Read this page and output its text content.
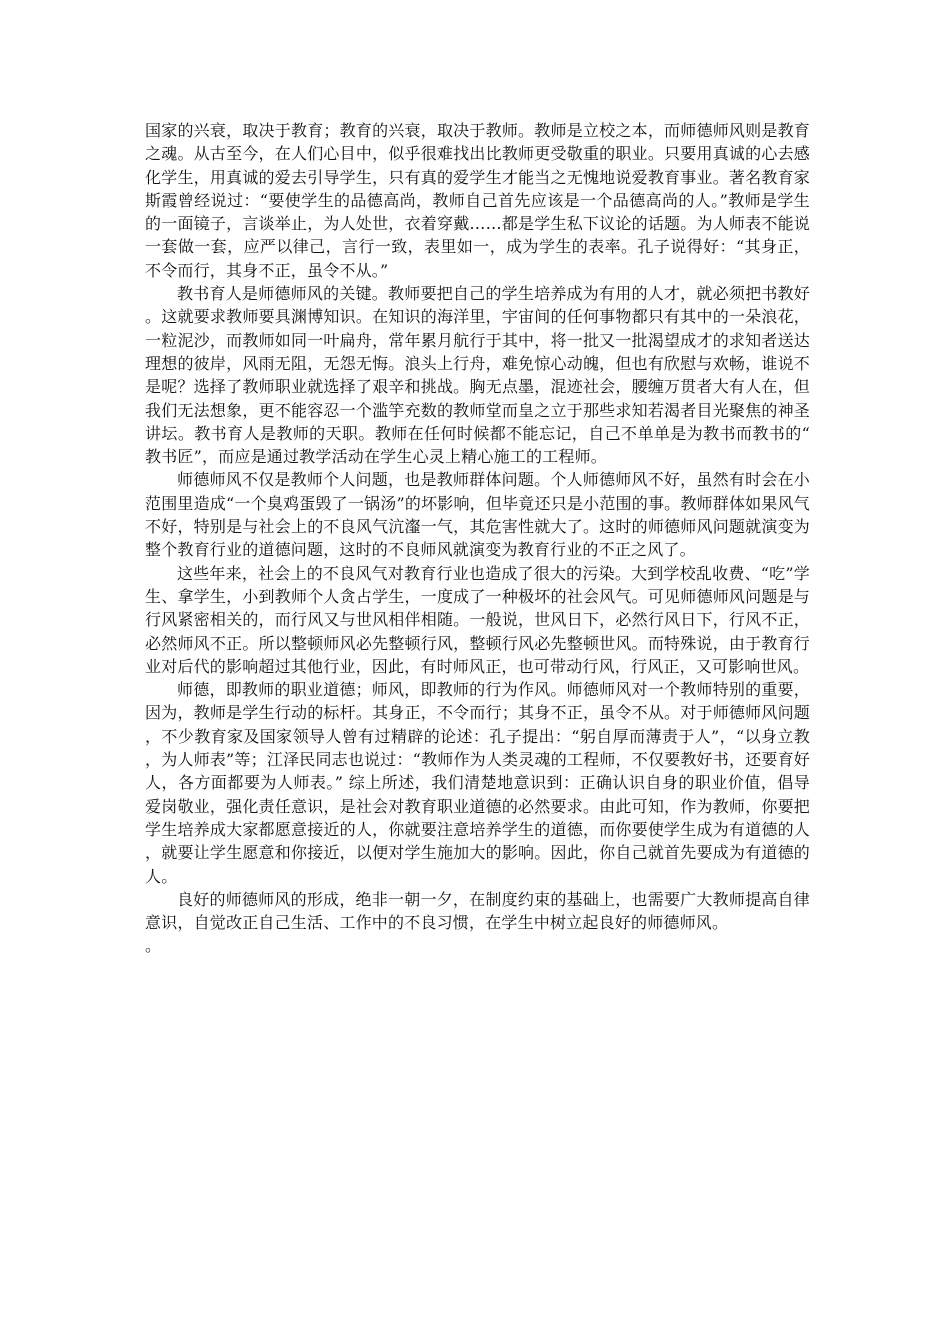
国家的兴衰，取决于教育；教育的兴衰，取决于教师。教师是立校之本，而师德师风则是教育之魂。从古至今，在人们心目中，似乎很难找出比教师更受敬重的职业。只要用真诚的心去感化学生，用真诚的爱去引导学生，只有真的爱学生才能当之无愧地说爱教育事业。著名教育家斯霞曾经说过：“要使学生的品德高尚，教师自己首先应该是一个品德高尚的人。”教师是学生的一面镜子，言谈举止，为人处世，衣着穿戴……都是学生私下议论的话题。为人师表不能说一套做一套，应严以律己，言行一致，表里如一，成为学生的表率。孔子说得好：“其身正，不令而行，其身不正，虽令不从。”

教书育人是师德师风的关键。教师要把自己的学生培养成为有用的人才，就必须把书教好。这就要求教师要具渊博知识。在知识的海洋里，宇宙间的任何事物都只有其中的一朵浪花，一粒泥沙，而教师如同一叶扁舟，常年累月航行于其中，将一批又一批渴望成才的求知者送达理想的彼岸，风雨无阻，无怨无悔。浪头上行舟，难免惊心动魄，但也有欣慰与欢畅，谁说不是呢？选择了教师职业就选择了艰辛和挑战。胸无点墨，混迹社会，腰缠万贯者大有人在，但我们无法想象，更不能容忍一个滥竽充数的教师堂而皇之立于那些求知若渴者目光聚焦的神圣讲坛。教书育人是教师的天职。教师在任何时候都不能忘记，自己不单单是为教书而教书的“教书匠”，而应是通过教学活动在学生心灵上精心施工的工程师。

师德师风不仅是教师个人问题，也是教师群体问题。个人师德师风不好，虽然有时会在小范围里造成“一个臭鸡蛋毁了一锅汤”的坏影响，但毕竟还只是小范围的事。教师群体如果风气不好，特别是与社会上的不良风气沆瀣一气，其危害性就大了。这时的师德师风问题就演变为整个教育行业的道德问题，这时的不良师风就演变为教育行业的不正之风了。

这些年来，社会上的不良风气对教育行业也造成了很大的污染。大到学校乱收费、“吃”学生、拿学生，小到教师个人贪占学生，一度成了一种极坏的社会风气。可见师德师风问题是与行风紧密相关的，而行风又与世风相伴相随。一般说，世风日下，必然行风日下，行风不正，必然师风不正。所以整顿师风必先整顿行风，整顿行风必先整顿世风。而特殊说，由于教育行业对后代的影响超过其他行业，因此，有时师风正，也可带动行风，行风正，又可影响世风。

师德，即教师的职业道德；师风，即教师的行为作风。师德师风对一个教师特别的重要，因为，教师是学生行动的标杆。其身正，不令而行；其身不正，虽令不从。对于师德师风问题，不少教育家及国家领导人曾有过精辟的论述：孔子提出：“躬自厚而薄责于人”，“以身立教，为人师表”等；江泽民同志也说过：“教师作为人类灵魂的工程师，不仅要教好书，还要育好人，各方面都要为人师表。” 综上所述，我们清楚地意识到：正确认识自身的职业价值，倡导爱岗敬业，强化责任意识，是社会对教育职业道德的必然要求。由此可知，作为教师，你要把学生培养成大家都愿意接近的人，你就要注意培养学生的道德，而你要使学生成为有道德的人，就要让学生愿意和你接近，以便对学生施加大的影响。因此，你自己就首先要成为有道德的人。

良好的师德师风的形成，绝非一朝一夕，在制度约束的基础上，也需要广大教师提高自律意识，自觉改正自己生活、工作中的不良习惯，在学生中树立起良好的师德师风。

。
